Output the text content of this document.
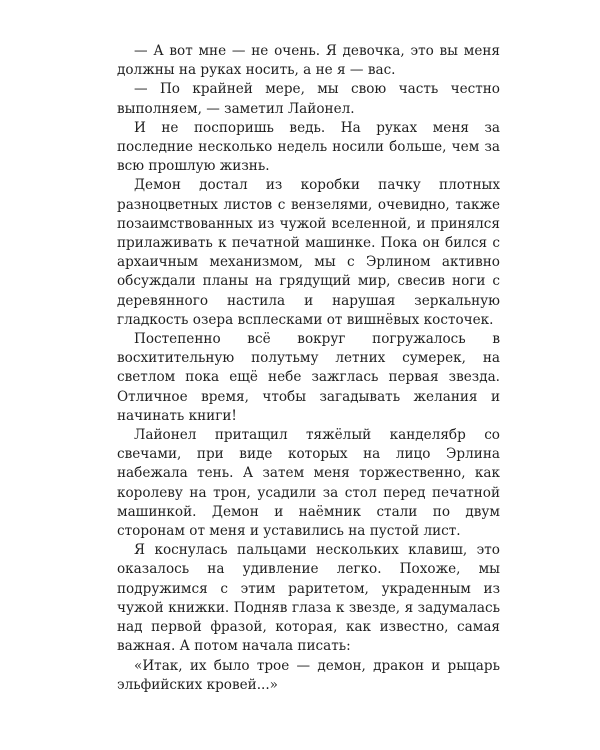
— А вот мне — не очень. Я девочка, это вы меня должны на руках носить, а не я — вас.

— По крайней мере, мы свою часть честно выполняем, — заметил Лайонел.

И не поспоришь ведь. На руках меня за последние несколько недель носили больше, чем за всю прошлую жизнь.

Демон достал из коробки пачку плотных разноцветных листов с вензелями, очевидно, также позаимствованных из чужой вселенной, и принялся прилаживать к печатной машинке. Пока он бился с архаичным механизмом, мы с Эрлином активно обсуждали планы на грядущий мир, свесив ноги с деревянного настила и нарушая зеркальную гладкость озера всплесками от вишнёвых косточек.

Постепенно всё вокруг погружалось в восхитительную полутьму летних сумерек, на светлом пока ещё небе зажглась первая звезда. Отличное время, чтобы загадывать желания и начинать книги!

Лайонел притащил тяжёлый канделябр со свечами, при виде которых на лицо Эрлина набежала тень. А затем меня торжественно, как королеву на трон, усадили за стол перед печатной машинкой. Демон и наёмник стали по двум сторонам от меня и уставились на пустой лист.

Я коснулась пальцами нескольких клавиш, это оказалось на удивление легко. Похоже, мы подружимся с этим раритетом, украденным из чужой книжки. Подняв глаза к звезде, я задумалась над первой фразой, которая, как известно, самая важная. А потом начала писать:

«Итак, их было трое — демон, дракон и рыцарь эльфийских кровей...»
